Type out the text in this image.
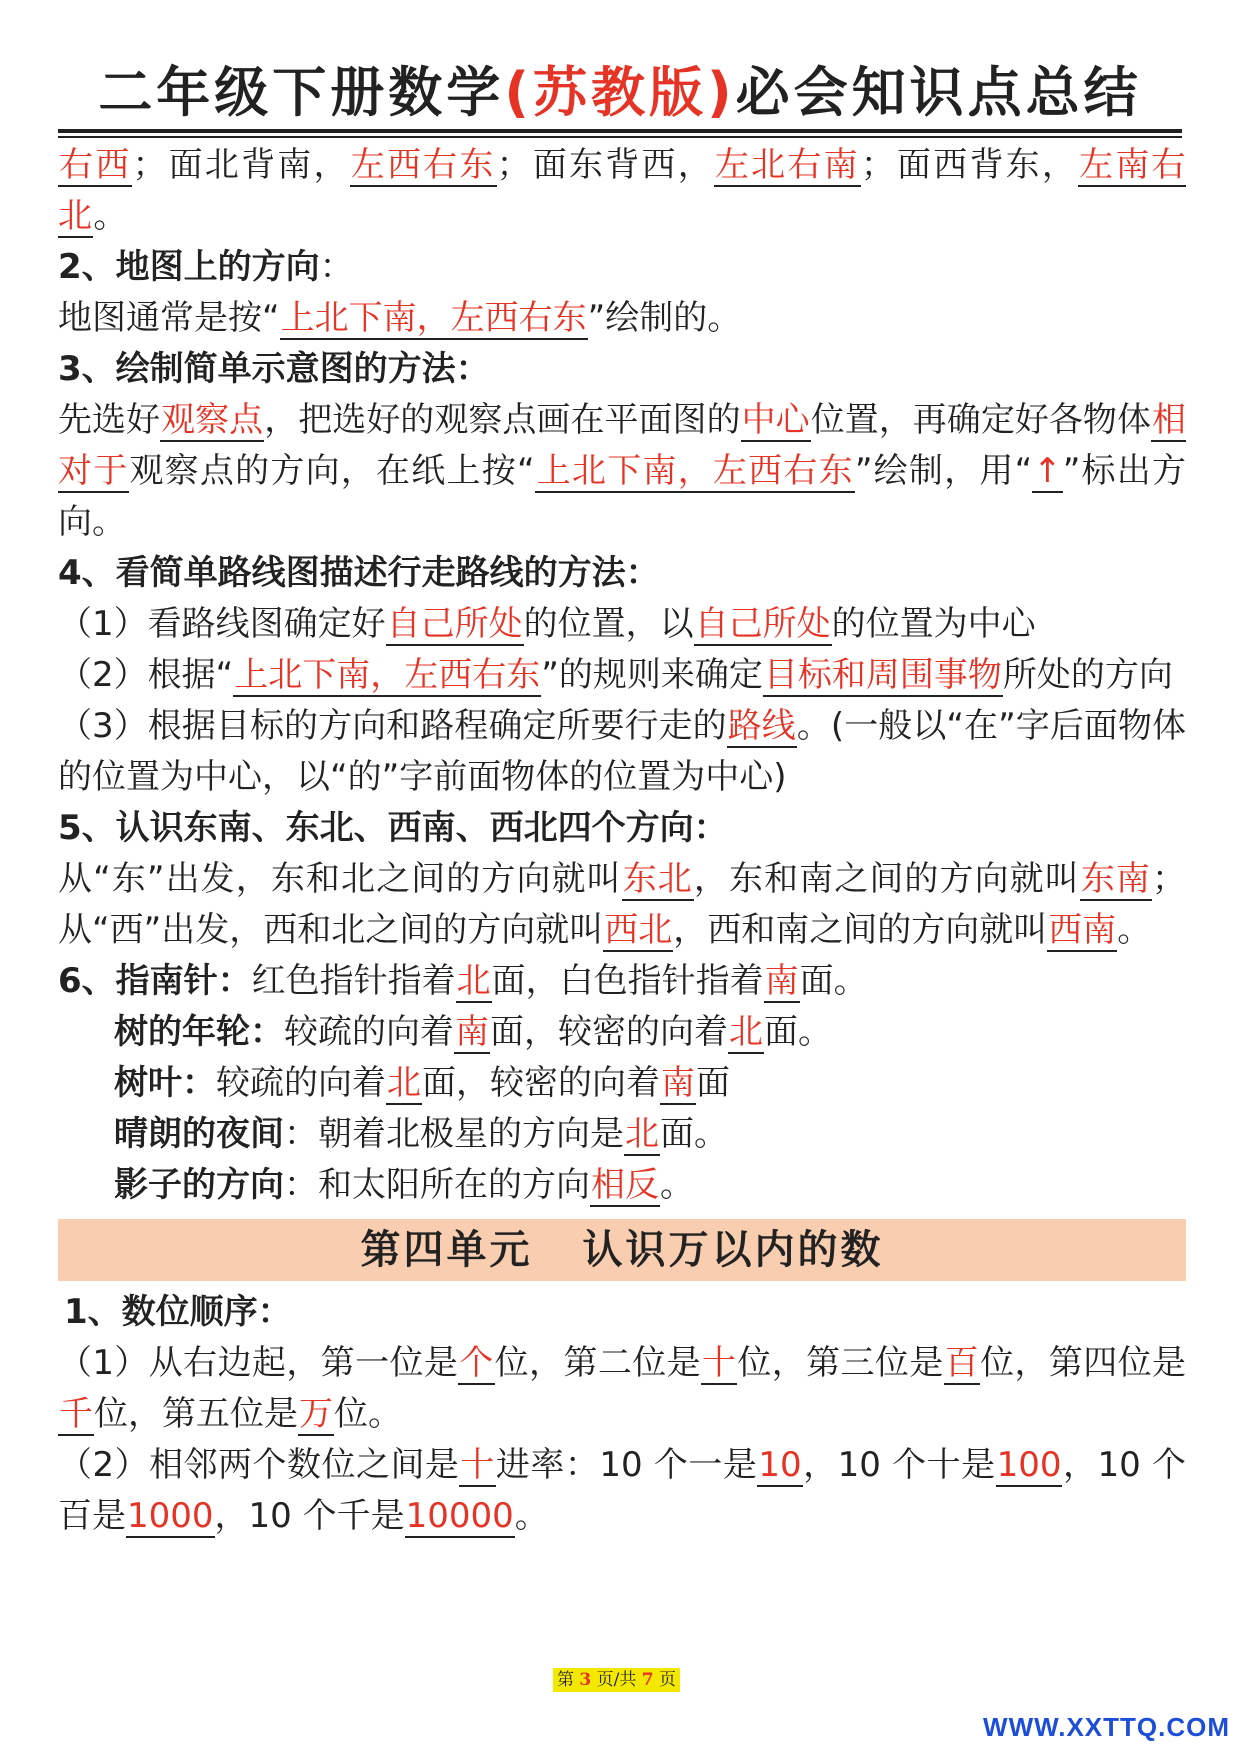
二年级下册数学(苏教版)必会知识点总结

右西；面北背南，左西右东；面东背西，左北右南；面西背东，左南右北。

2、地图上的方向：

地图通常是按“上北下南，左西右东”绘制的。

3、绘制简单示意图的方法：

先选好观察点，把选好的观察点画在平面图的中心位置，再确定好各物体相对于观察点的方向，在纸上按“上北下南，左西右东”绘制，用“↑”标出方向。

4、看简单路线图描述行走路线的方法：

（1）看路线图确定好自己所处的位置，以自己所处的位置为中心

（2）根据“上北下南，左西右东”的规则来确定目标和周围事物所处的方向

（3）根据目标的方向和路程确定所要行走的路线。(一般以“在”字后面物体的位置为中心，以“的”字前面物体的位置为中心)

5、认识东南、东北、西南、西北四个方向：

从“东”出发，东和北之间的方向就叫东北，东和南之间的方向就叫东南；从“西”出发，西和北之间的方向就叫西北，西和南之间的方向就叫西南。

6、指南针：红色指针指着北面，白色指针指着南面。

树的年轮：较疏的向着南面，较密的向着北面。

树叶：较疏的向着北面，较密的向着南面

晴朗的夜间：朝着北极星的方向是北面。

影子的方向：和太阳所在的方向相反。

第四单元 认识万以内的数

1、数位顺序：

（1）从右边起，第一位是个位，第二位是十位，第三位是百位，第四位是千位，第五位是万位。

（2）相邻两个数位之间是十进率：10 个一是10，10 个十是100，10 个百是1000，10 个千是10000。

第 3 页/共 7 页
WWW.XXTTQ.COM
